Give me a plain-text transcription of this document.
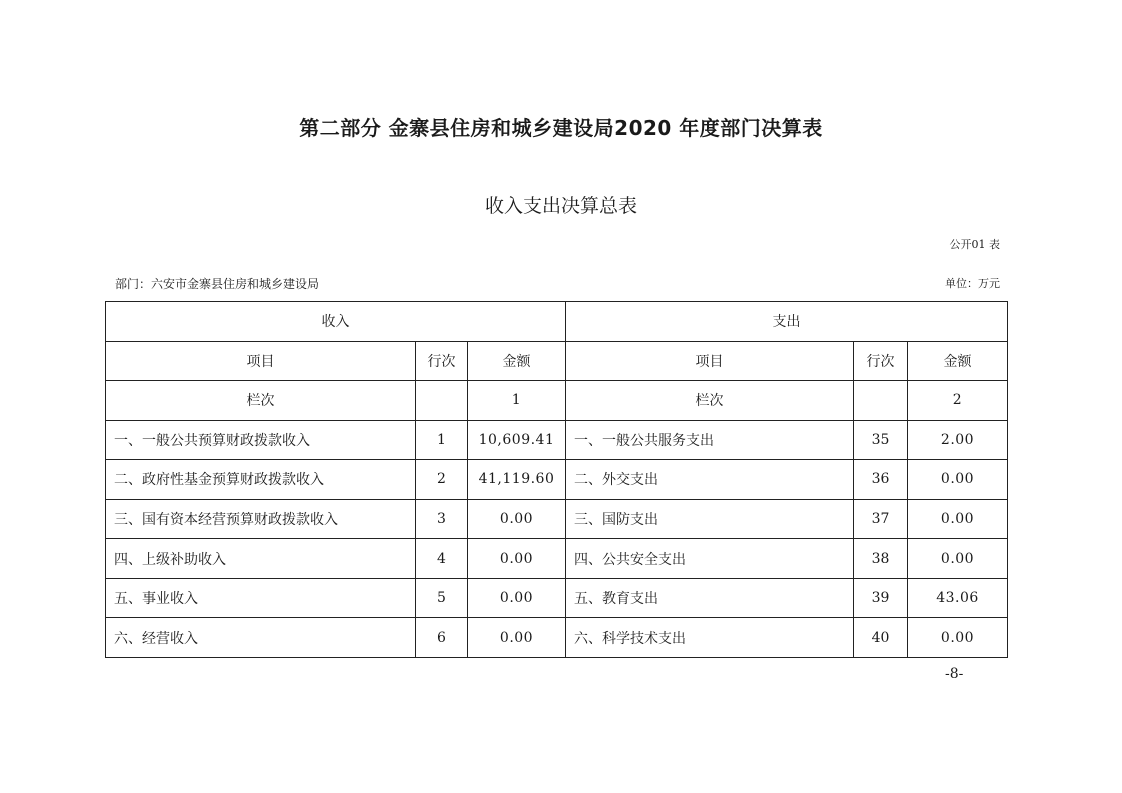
第二部分 金寨县住房和城乡建设局2020 年度部门决算表
收入支出决算总表
公开01 表
部门：六安市金寨县住房和城乡建设局	单位：万元
收入			支出		
项目	行次	金额	项目	行次	金额
栏次		1	栏次		2
一、一般公共预算财政拨款收入	1	10,609.41	一、一般公共服务支出	35	2.00
二、政府性基金预算财政拨款收入	2	41,119.60	二、外交支出	36	0.00
三、国有资本经营预算财政拨款收入	3	0.00	三、国防支出	37	0.00
四、上级补助收入	4	0.00	四、公共安全支出	38	0.00
五、事业收入	5	0.00	五、教育支出	39	43.06
六、经营收入	6	0.00	六、科学技术支出	40	0.00
-8-
